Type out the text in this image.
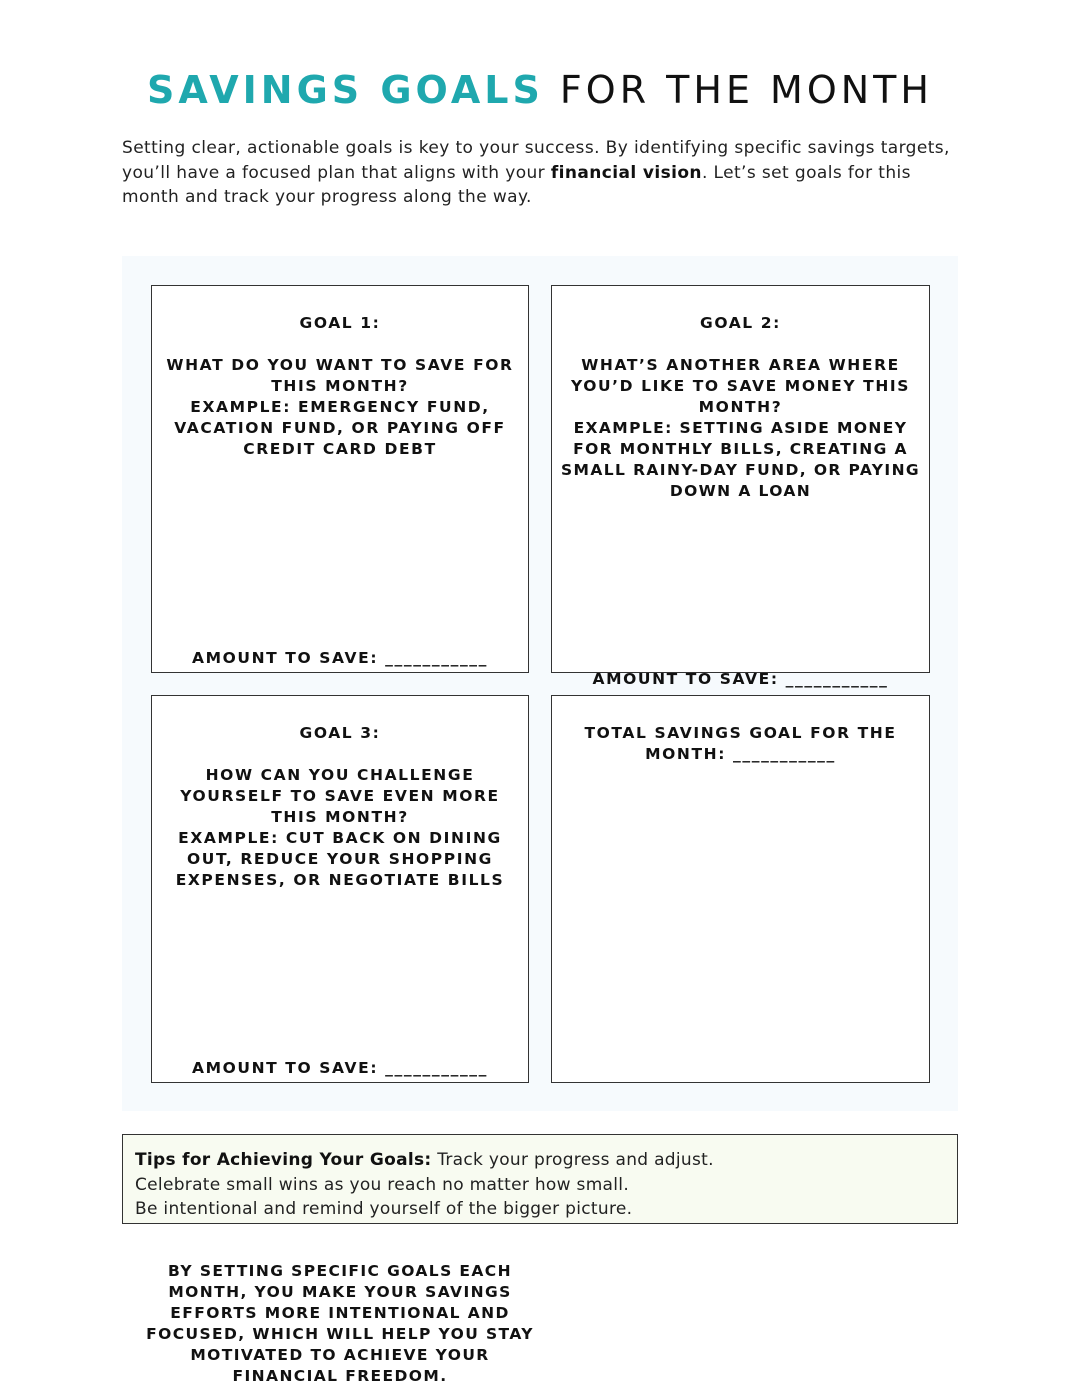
SAVINGS GOALS FOR THE MONTH
Setting clear, actionable goals is key to your success. By identifying specific savings targets, you’ll have a focused plan that aligns with your financial vision. Let’s set goals for this month and track your progress along the way.
GOAL 1:
WHAT DO YOU WANT TO SAVE FOR THIS MONTH?
EXAMPLE: EMERGENCY FUND, VACATION FUND, OR PAYING OFF CREDIT CARD DEBT
AMOUNT TO SAVE: ___________
GOAL 2:
WHAT’S ANOTHER AREA WHERE YOU’D LIKE TO SAVE MONEY THIS MONTH?
EXAMPLE: SETTING ASIDE MONEY FOR MONTHLY BILLS, CREATING A SMALL RAINY-DAY FUND, OR PAYING DOWN A LOAN
AMOUNT TO SAVE: ___________
GOAL 3:
HOW CAN YOU CHALLENGE YOURSELF TO SAVE EVEN MORE THIS MONTH?
EXAMPLE: CUT BACK ON DINING OUT, REDUCE YOUR SHOPPING EXPENSES, OR NEGOTIATE BILLS
AMOUNT TO SAVE: ___________
TOTAL SAVINGS GOAL FOR THE MONTH: ___________
Tips for Achieving Your Goals: Track your progress and adjust.
Celebrate small wins as you reach no matter how small.
Be intentional and remind yourself of the bigger picture.
BY SETTING SPECIFIC GOALS EACH MONTH, YOU MAKE YOUR SAVINGS EFFORTS MORE INTENTIONAL AND FOCUSED, WHICH WILL HELP YOU STAY MOTIVATED TO ACHIEVE YOUR FINANCIAL FREEDOM.
